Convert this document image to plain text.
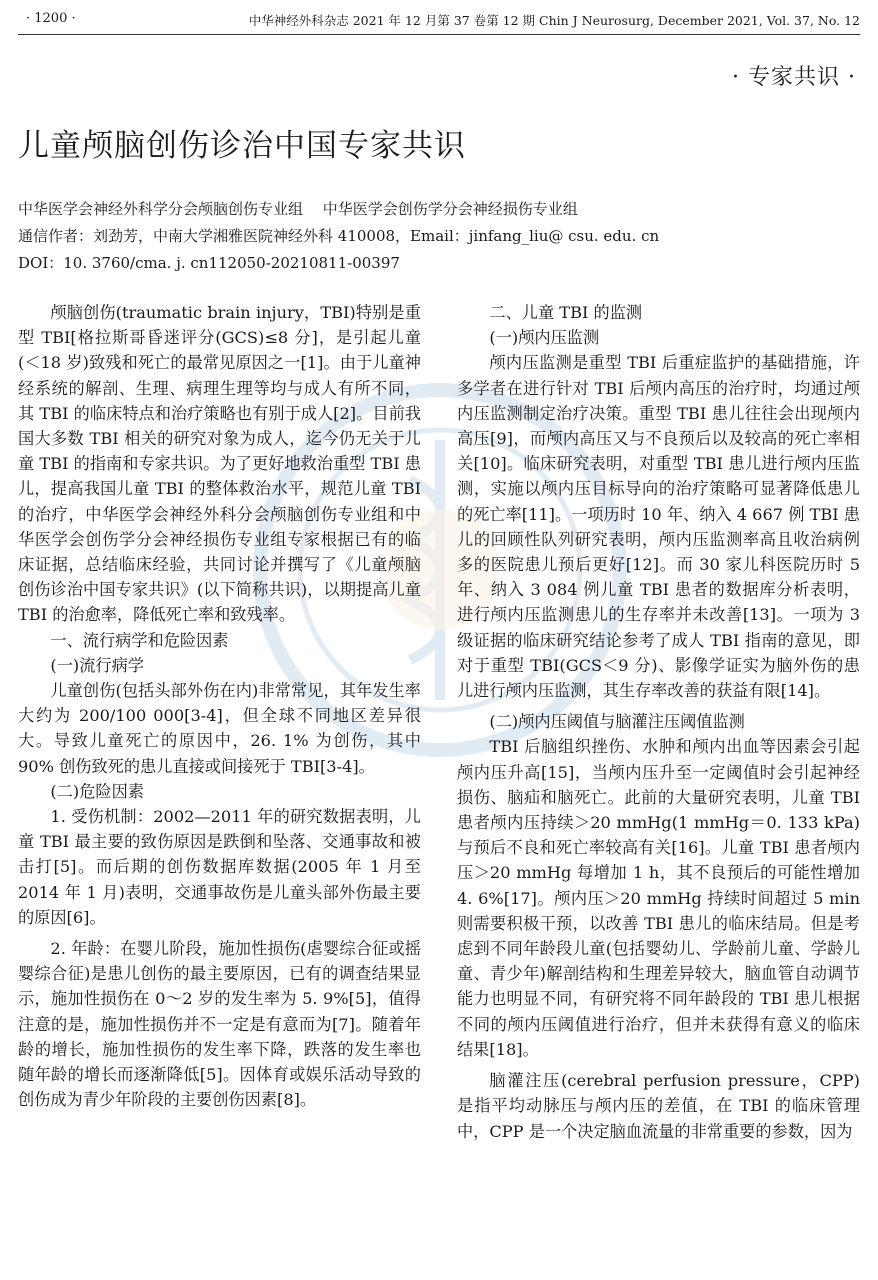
· 1200 ·	中华神经外科杂志 2021 年 12 月第 37 卷第 12 期 Chin J Neurosurg, December 2021, Vol. 37, No. 12
· 专家共识 ·
儿童颅脑创伤诊治中国专家共识
中华医学会神经外科学分会颅脑创伤专业组　 中华医学会创伤学分会神经损伤专业组
通信作者：刘劲芳，中南大学湘雅医院神经外科 410008，Email：jinfang_liu@ csu. edu. cn
DOI：10. 3760/cma. j. cn112050-20210811-00397

颅脑创伤(traumatic brain injury，TBI)特别是重型 TBI[格拉斯哥昏迷评分(GCS)≤8 分]，是引起儿童(＜18 岁)致残和死亡的最常见原因之一[1]。由于儿童神经系统的解剖、生理、病理生理等均与成人有所不同，其 TBI 的临床特点和治疗策略也有别于成人[2]。目前我国大多数 TBI 相关的研究对象为成人，迄今仍无关于儿童 TBI 的指南和专家共识。为了更好地救治重型 TBI 患儿，提高我国儿童 TBI 的整体救治水平，规范儿童 TBI 的治疗，中华医学会神经外科分会颅脑创伤专业组和中华医学会创伤学分会神经损伤专业组专家根据已有的临床证据，总结临床经验，共同讨论并撰写了《儿童颅脑创伤诊治中国专家共识》(以下简称共识)，以期提高儿童 TBI 的治愈率，降低死亡率和致残率。

一、流行病学和危险因素

(一)流行病学

儿童创伤(包括头部外伤在内)非常常见，其年发生率大约为 200/100 000[3-4]，但全球不同地区差异很大。导致儿童死亡的原因中，26. 1% 为创伤，其中 90% 创伤致死的患儿直接或间接死于 TBI[3-4]。

(二)危险因素

1. 受伤机制：2002—2011 年的研究数据表明，儿童 TBI 最主要的致伤原因是跌倒和坠落、交通事故和被击打[5]。而后期的创伤数据库数据(2005 年 1 月至 2014 年 1 月)表明，交通事故伤是儿童头部外伤最主要的原因[6]。

2. 年龄：在婴儿阶段，施加性损伤(虐婴综合征或摇婴综合征)是患儿创伤的最主要原因，已有的调查结果显示，施加性损伤在 0～2 岁的发生率为 5. 9%[5]，值得注意的是，施加性损伤并不一定是有意而为[7]。随着年龄的增长，施加性损伤的发生率下降，跌落的发生率也随年龄的增长而逐渐降低[5]。因体育或娱乐活动导致的创伤成为青少年阶段的主要创伤因素[8]。

二、儿童 TBI 的监测

(一)颅内压监测

颅内压监测是重型 TBI 后重症监护的基础措施，许多学者在进行针对 TBI 后颅内高压的治疗时，均通过颅内压监测制定治疗决策。重型 TBI 患儿往往会出现颅内高压[9]，而颅内高压又与不良预后以及较高的死亡率相关[10]。临床研究表明，对重型 TBI 患儿进行颅内压监测，实施以颅内压目标导向的治疗策略可显著降低患儿的死亡率[11]。一项历时 10 年、纳入 4 667 例 TBI 患儿的回顾性队列研究表明，颅内压监测率高且收治病例多的医院患儿预后更好[12]。而 30 家儿科医院历时 5 年、纳入 3 084 例儿童 TBI 患者的数据库分析表明，进行颅内压监测患儿的生存率并未改善[13]。一项为 3 级证据的临床研究结论参考了成人 TBI 指南的意见，即对于重型 TBI(GCS＜9 分)、影像学证实为脑外伤的患儿进行颅内压监测，其生存率改善的获益有限[14]。

(二)颅内压阈值与脑灌注压阈值监测

TBI 后脑组织挫伤、水肿和颅内出血等因素会引起颅内压升高[15]，当颅内压升至一定阈值时会引起神经损伤、脑疝和脑死亡。此前的大量研究表明，儿童 TBI 患者颅内压持续＞20 mmHg(1 mmHg＝0. 133 kPa)与预后不良和死亡率较高有关[16]。儿童 TBI 患者颅内压＞20 mmHg 每增加 1 h，其不良预后的可能性增加 4. 6%[17]。颅内压＞20 mmHg 持续时间超过 5 min 则需要积极干预，以改善 TBI 患儿的临床结局。但是考虑到不同年龄段儿童(包括婴幼儿、学龄前儿童、学龄儿童、青少年)解剖结构和生理差异较大，脑血管自动调节能力也明显不同，有研究将不同年龄段的 TBI 患儿根据不同的颅内压阈值进行治疗，但并未获得有意义的临床结果[18]。

脑灌注压(cerebral perfusion pressure，CPP)是指平均动脉压与颅内压的差值，在 TBI 的临床管理中，CPP 是一个决定脑血流量的非常重要的参数，因为
